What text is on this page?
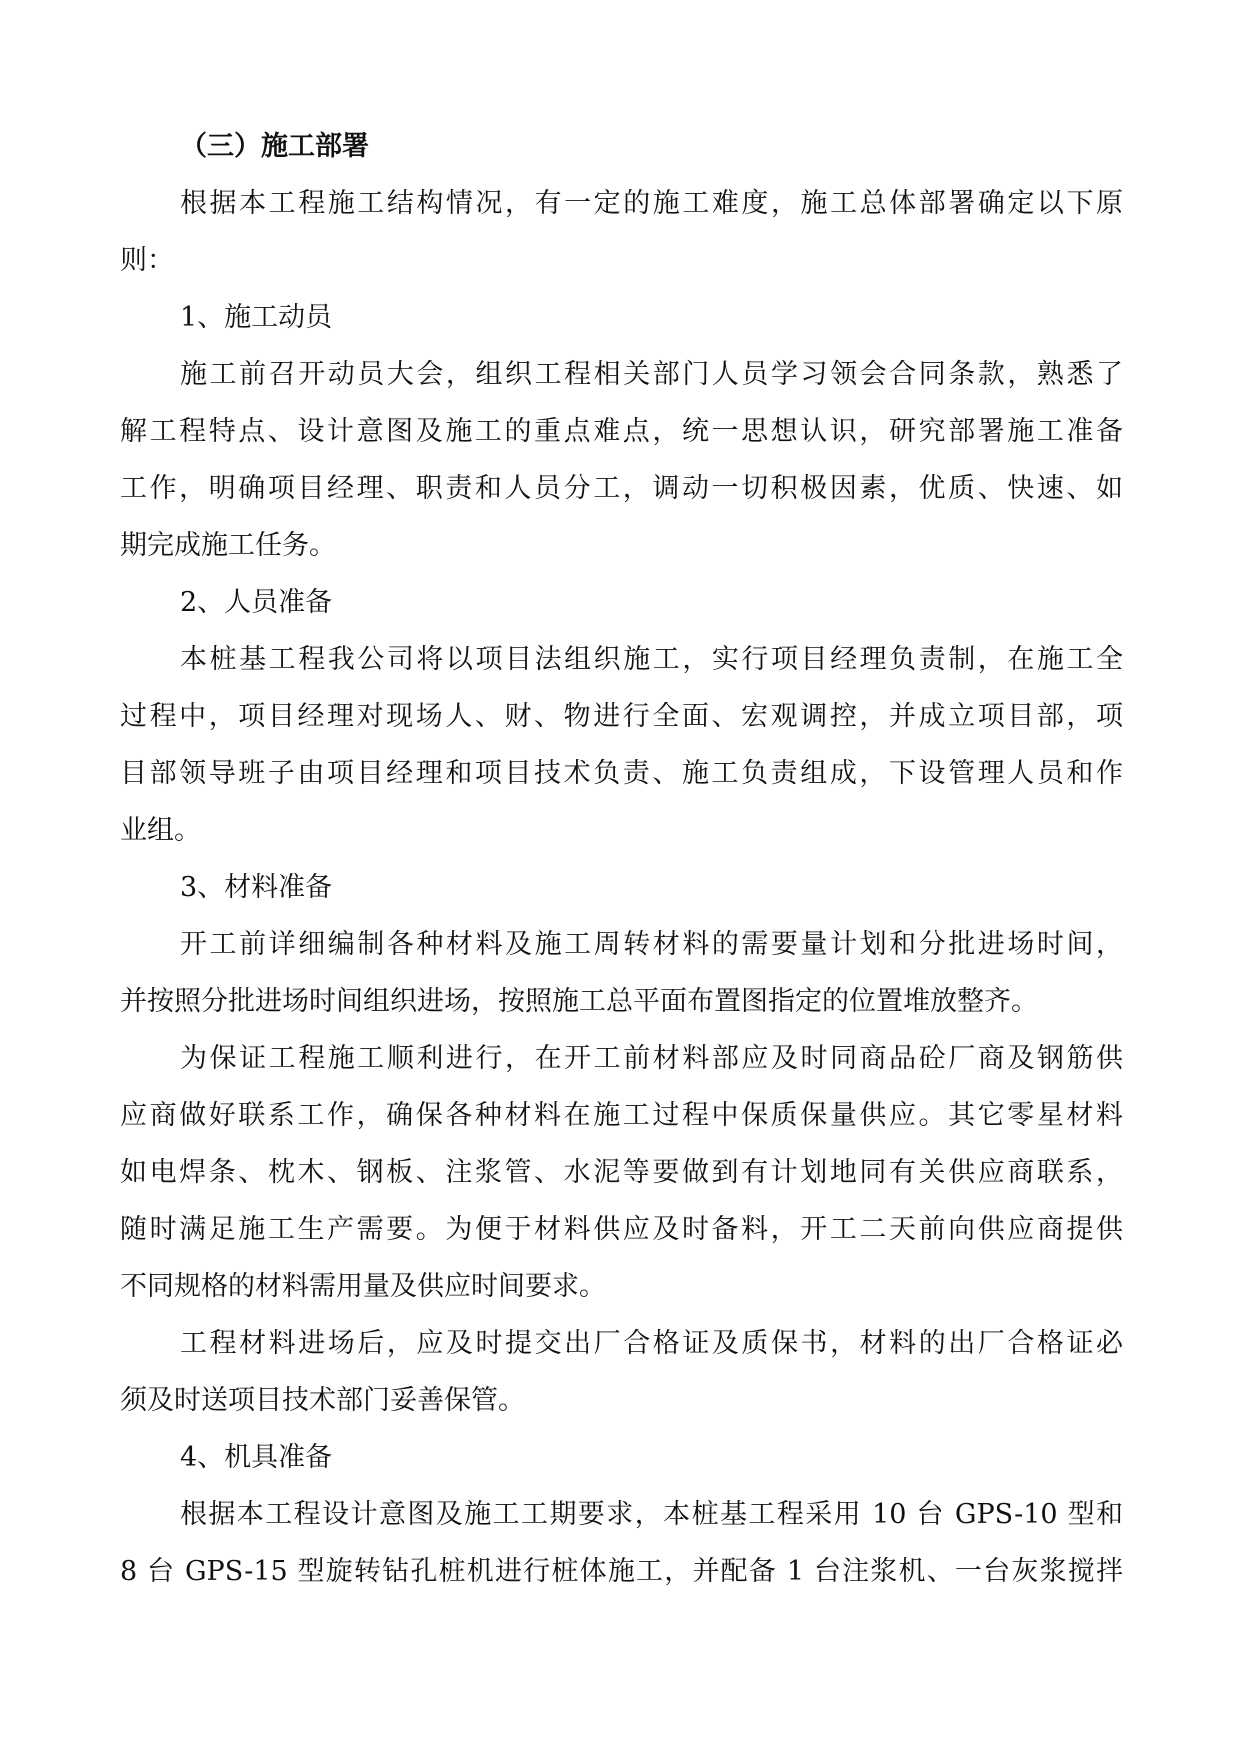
（三）施工部署

根据本工程施工结构情况，有一定的施工难度，施工总体部署确定以下原

则：

1、施工动员

施工前召开动员大会，组织工程相关部门人员学习领会合同条款，熟悉了

解工程特点、设计意图及施工的重点难点，统一思想认识，研究部署施工准备

工作，明确项目经理、职责和人员分工，调动一切积极因素，优质、快速、如

期完成施工任务。

2、人员准备

本桩基工程我公司将以项目法组织施工，实行项目经理负责制，在施工全

过程中，项目经理对现场人、财、物进行全面、宏观调控，并成立项目部，项

目部领导班子由项目经理和项目技术负责、施工负责组成，下设管理人员和作

业组。

3、材料准备

开工前详细编制各种材料及施工周转材料的需要量计划和分批进场时间，

并按照分批进场时间组织进场，按照施工总平面布置图指定的位置堆放整齐。

为保证工程施工顺利进行，在开工前材料部应及时同商品砼厂商及钢筋供

应商做好联系工作，确保各种材料在施工过程中保质保量供应。其它零星材料

如电焊条、枕木、钢板、注浆管、水泥等要做到有计划地同有关供应商联系，

随时满足施工生产需要。为便于材料供应及时备料，开工二天前向供应商提供

不同规格的材料需用量及供应时间要求。

工程材料进场后，应及时提交出厂合格证及质保书，材料的出厂合格证必

须及时送项目技术部门妥善保管。

4、机具准备

根据本工程设计意图及施工工期要求，本桩基工程采用 10 台 GPS-10 型和

8 台 GPS-15 型旋转钻孔桩机进行桩体施工，并配备 1 台注浆机、一台灰浆搅拌
